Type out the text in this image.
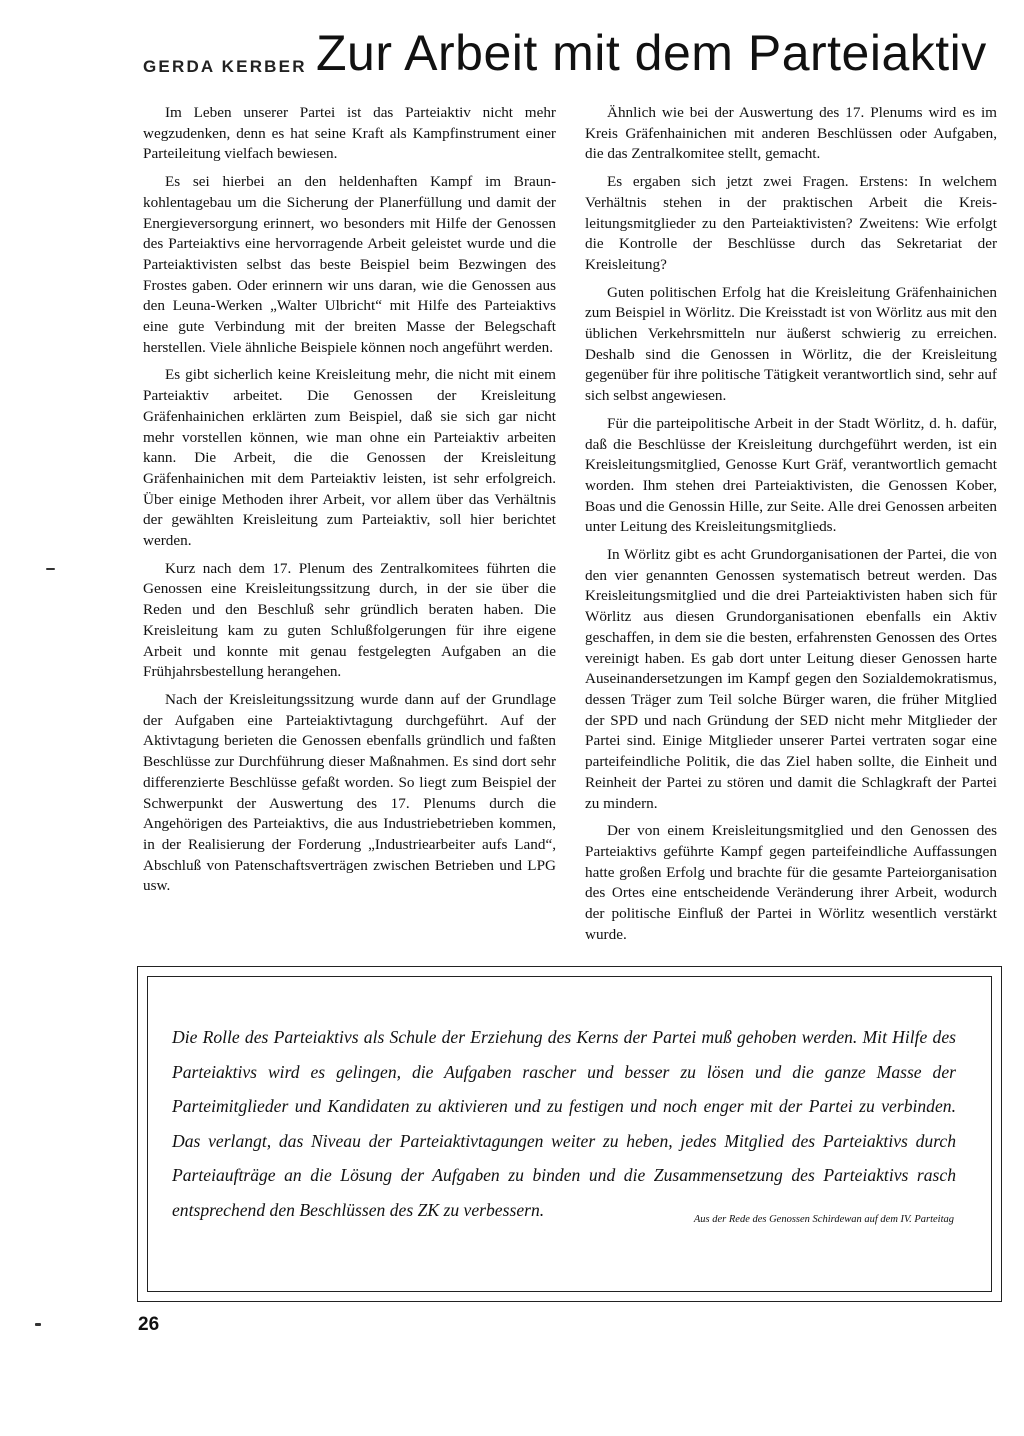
GERDA KERBER Zur Arbeit mit dem Parteiaktiv

Im Leben unserer Partei ist das Parteiaktiv nicht mehr wegzudenken, denn es hat seine Kraft als Kampfinstrument einer Parteileitung vielfach bewiesen.

Es sei hierbei an den heldenhaften Kampf im Braunkohlentagebau um die Sicherung der Planerfüllung und damit der Energieversorgung erinnert, wo besonders mit Hilfe der Genossen des Parteiaktivs eine hervorragende Arbeit geleistet wurde und die Parteiaktivisten selbst das beste Beispiel beim Bezwingen des Frostes gaben. Oder erinnern wir uns daran, wie die Genossen aus den Leuna-Werken „Walter Ulbricht“ mit Hilfe des Parteiaktivs eine gute Verbindung mit der breiten Masse der Belegschaft herstellen. Viele ähnliche Beispiele können noch angeführt werden.

Es gibt sicherlich keine Kreisleitung mehr, die nicht mit einem Parteiaktiv arbeitet. Die Genossen der Kreisleitung Gräfenhainichen erklärten zum Beispiel, daß sie sich gar nicht mehr vorstellen können, wie man ohne ein Parteiaktiv arbeiten kann. Die Arbeit, die die Genossen der Kreisleitung Gräfenhainichen mit dem Parteiaktiv leisten, ist sehr erfolgreich. Über einige Methoden ihrer Arbeit, vor allem über das Verhältnis der gewählten Kreisleitung zum Parteiaktiv, soll hier berichtet werden.

Kurz nach dem 17. Plenum des Zentralkomitees führten die Genossen eine Kreisleitungssitzung durch, in der sie über die Reden und den Beschluß sehr gründlich beraten haben. Die Kreisleitung kam zu guten Schlußfolgerungen für ihre eigene Arbeit und konnte mit genau festgelegten Aufgaben an die Frühjahrsbestellung herangehen.

Nach der Kreisleitungssitzung wurde dann auf der Grundlage der Aufgaben eine Parteiaktivtagung durchgeführt. Auf der Aktivtagung berieten die Genossen ebenfalls gründlich und faßten Beschlüsse zur Durchführung dieser Maßnahmen. Es sind dort sehr differenzierte Beschlüsse gefaßt worden. So liegt zum Beispiel der Schwerpunkt der Auswertung des 17. Plenums durch die Angehörigen des Parteiaktivs, die aus Industriebetrieben kommen, in der Realisierung der Forderung „Industriearbeiter aufs Land“, Abschluß von Patenschaftsverträgen zwischen Betrieben und LPG usw.

Ähnlich wie bei der Auswertung des 17. Plenums wird es im Kreis Gräfenhainichen mit anderen Beschlüssen oder Aufgaben, die das Zentralkomitee stellt, gemacht.

Es ergaben sich jetzt zwei Fragen. Erstens: In welchem Verhältnis stehen in der praktischen Arbeit die Kreisleitungsmitglieder zu den Parteiaktivisten? Zweitens: Wie erfolgt die Kontrolle der Beschlüsse durch das Sekretariat der Kreisleitung?

Guten politischen Erfolg hat die Kreisleitung Gräfenhainichen zum Beispiel in Wörlitz. Die Kreisstadt ist von Wörlitz aus mit den üblichen Verkehrsmitteln nur äußerst schwierig zu erreichen. Deshalb sind die Genossen in Wörlitz, die der Kreisleitung gegenüber für ihre politische Tätigkeit verantwortlich sind, sehr auf sich selbst angewiesen.

Für die parteipolitische Arbeit in der Stadt Wörlitz, d. h. dafür, daß die Beschlüsse der Kreisleitung durchgeführt werden, ist ein Kreisleitungsmitglied, Genosse Kurt Gräf, verantwortlich gemacht worden. Ihm stehen drei Parteiaktivisten, die Genossen Kober, Boas und die Genossin Hille, zur Seite. Alle drei Genossen arbeiten unter Leitung des Kreisleitungsmitglieds.

In Wörlitz gibt es acht Grundorganisationen der Partei, die von den vier genannten Genossen systematisch betreut werden. Das Kreisleitungsmitglied und die drei Parteiaktivisten haben sich für Wörlitz aus diesen Grundorganisationen ebenfalls ein Aktiv geschaffen, in dem sie die besten, erfahrensten Genossen des Ortes vereinigt haben. Es gab dort unter Leitung dieser Genossen harte Auseinandersetzungen im Kampf gegen den Sozialdemokratismus, dessen Träger zum Teil solche Bürger waren, die früher Mitglied der SPD und nach Gründung der SED nicht mehr Mitglieder der Partei sind. Einige Mitglieder unserer Partei vertraten sogar eine parteifeindliche Politik, die das Ziel haben sollte, die Einheit und Reinheit der Partei zu stören und damit die Schlagkraft der Partei zu mindern.

Der von einem Kreisleitungsmitglied und den Genossen des Parteiaktivs geführte Kampf gegen parteifeindliche Auffassungen hatte großen Erfolg und brachte für die gesamte Parteiorganisation des Ortes eine entscheidende Veränderung ihrer Arbeit, wodurch der politische Einfluß der Partei in Wörlitz wesentlich verstärkt wurde.

Die Rolle des Parteiaktivs als Schule der Erziehung des Kerns der Partei muß gehoben werden. Mit Hilfe des Parteiaktivs wird es gelingen, die Aufgaben rascher und besser zu lösen und die ganze Masse der Parteimitglieder und Kandidaten zu aktivieren und zu festigen und noch enger mit der Partei zu verbinden. Das verlangt, das Niveau der Parteiaktivtagungen weiter zu heben, jedes Mitglied des Parteiaktivs durch Parteiaufträge an die Lösung der Aufgaben zu binden und die Zusammensetzung des Parteiaktivs rasch entsprechend den Beschlüssen des ZK zu verbessern.	Aus der Rede des Genossen Schirdewan auf dem IV. Parteitag

26
